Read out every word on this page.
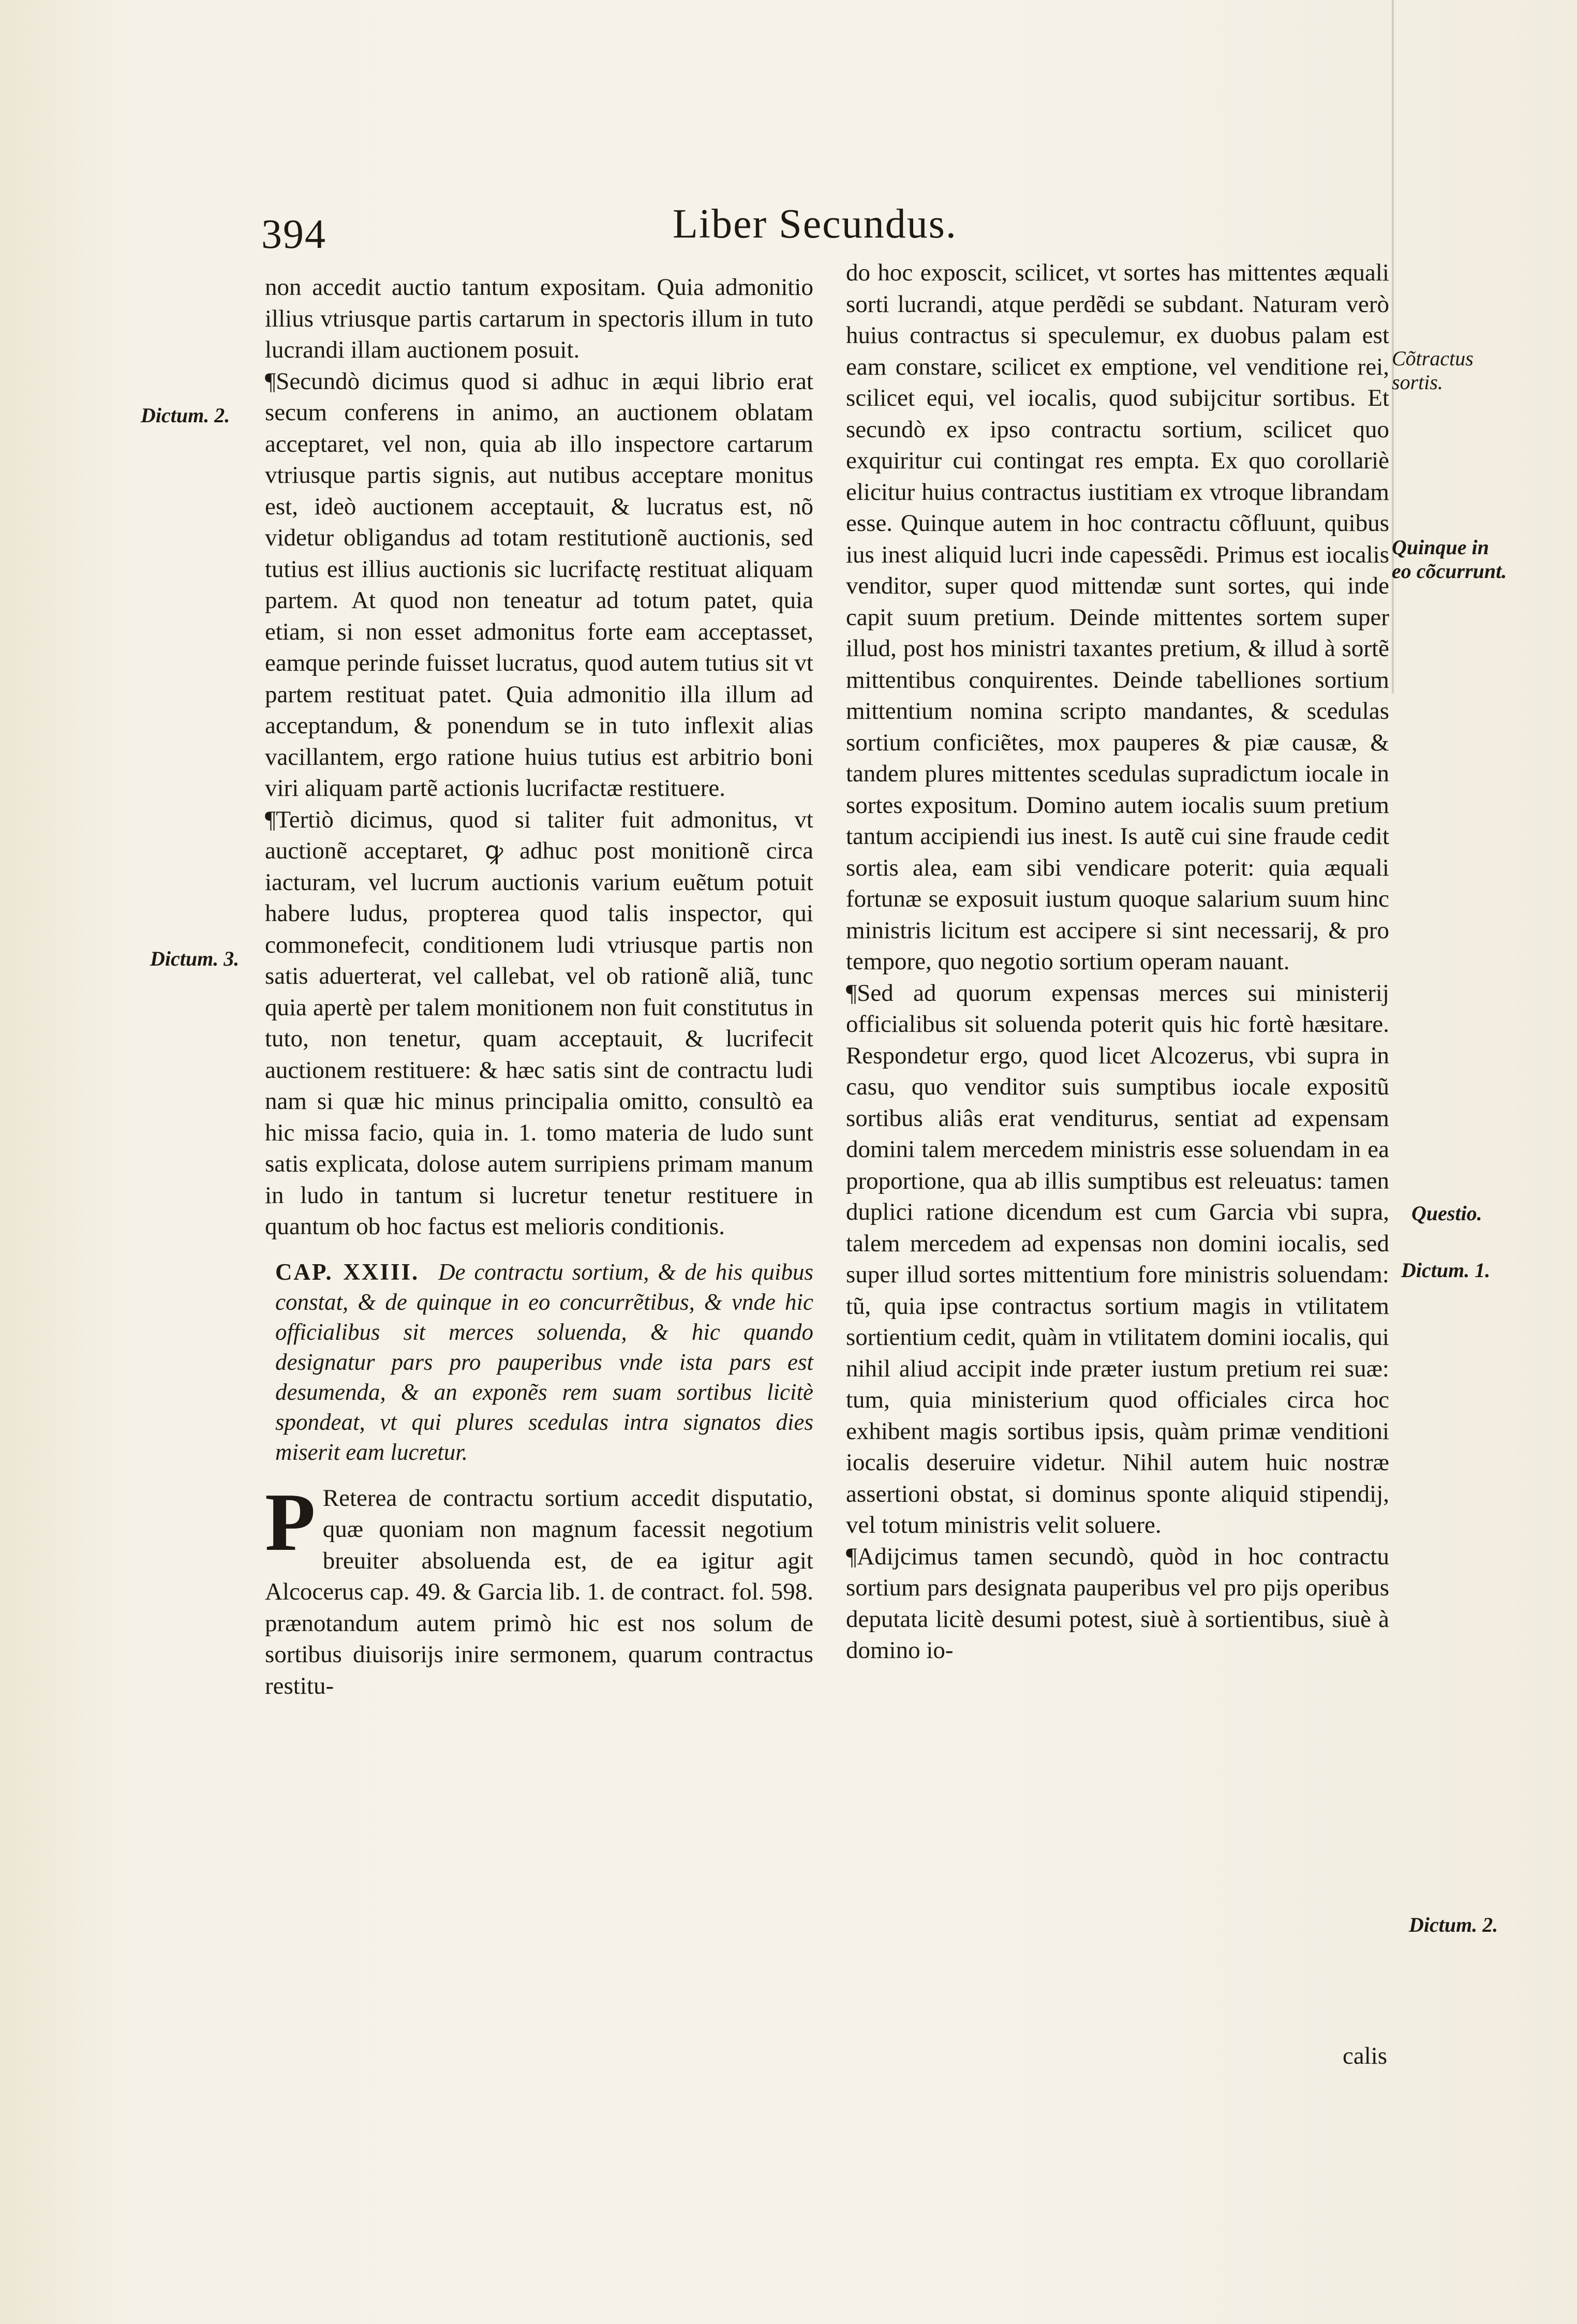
394	Liber Secundus.

non accedit auctio tantum expositam. Quia admonitio illius vtriusque partis cartarum in spectoris illum in tuto lucrandi illam auctionem posuit.

¶Secundò dicimus quod si adhuc in æqui librio erat secum conferens in animo, an auctionem oblatam acceptaret, vel non, quia ab illo inspectore cartarum vtriusque partis signis, aut nutibus acceptare monitus est, ideò auctionem acceptauit, & lucratus est, nõ videtur obligandus ad totam restitutionẽ auctionis, sed tutius est illius auctionis sic lucrifactę restituat aliquam partem. At quod non teneatur ad totum patet, quia etiam, si non esset admonitus forte eam acceptasset, eamque perinde fuisset lucratus, quod autem tutius sit vt partem restituat patet. Quia admonitio illa illum ad acceptandum, & ponendum se in tuto inflexit alias vacillantem, ergo ratione huius tutius est arbitrio boni viri aliquam partẽ actionis lucrifactæ restituere.

¶Tertiò dicimus, quod si taliter fuit admonitus, vt auctionẽ acceptaret, ꝙ adhuc post monitionẽ circa iacturam, vel lucrum auctionis varium euẽtum potuit habere ludus, propterea quod talis inspector, qui commonefecit, conditionem ludi vtriusque partis non satis aduerterat, vel callebat, vel ob rationẽ aliã, tunc quia apertè per talem monitionem non fuit constitutus in tuto, non tenetur, quam acceptauit, & lucrifecit auctionem restituere: & hæc satis sint de contractu ludi nam si quæ hic minus principalia omitto, consultò ea hic missa facio, quia in. 1. tomo materia de ludo sunt satis explicata, dolose autem surripiens primam manum in ludo in tantum si lucretur tenetur restituere in quantum ob hoc factus est melioris conditionis.

CAP. XXIII. De contractu sortium, & de his quibus constat, & de quinque in eo concurrẽtibus, & vnde hic officialibus sit merces soluenda, & hic quando designatur pars pro pauperibus vnde ista pars est desumenda, & an exponẽs rem suam sortibus licitè spondeat, vt qui plures scedulas intra signatos dies miserit eam lucretur.

P Reterea de contractu sortium accedit disputatio, quæ quoniam non magnum facessit negotium breuiter absoluenda est, de ea igitur agit Alcocerus cap. 49. & Garcia lib. 1. de contract. fol. 598. prænotandum autem primò hic est nos solum de sortibus diuisorijs inire sermonem, quarum contractus restitu-

do hoc exposcit, scilicet, vt sortes has mittentes æquali sorti lucrandi, atque perdẽdi se subdant. Naturam verò huius contractus si speculemur, ex duobus palam est eam constare, scilicet ex emptione, vel venditione rei, scilicet equi, vel iocalis, quod subijcitur sortibus. Et secundò ex ipso contractu sortium, scilicet quo exquiritur cui contingat res empta. Ex quo corollariè elicitur huius contractus iustitiam ex vtroque librandam esse. Quinque autem in hoc contractu cõfluunt, quibus ius inest aliquid lucri inde capessẽdi. Primus est iocalis venditor, super quod mittendæ sunt sortes, qui inde capit suum pretium. Deinde mittentes sortem super illud, post hos ministri taxantes pretium, & illud à sortẽ mittentibus conquirentes. Deinde tabelliones sortium mittentium nomina scripto mandantes, & scedulas sortium conficiẽtes, mox pauperes & piæ causæ, & tandem plures mittentes scedulas supradictum iocale in sortes expositum. Domino autem iocalis suum pretium tantum accipiendi ius inest. Is autẽ cui sine fraude cedit sortis alea, eam sibi vendicare poterit: quia æquali fortunæ se exposuit iustum quoque salarium suum hinc ministris licitum est accipere si sint necessarij, & pro tempore, quo negotio sortium operam nauant.

¶Sed ad quorum expensas merces sui ministerij officialibus sit soluenda poterit quis hic fortè hæsitare. Respondetur ergo, quod licet Alcozerus, vbi supra in casu, quo venditor suis sumptibus iocale expositũ sortibus aliâs erat venditurus, sentiat ad expensam domini talem mercedem ministris esse soluendam in ea proportione, qua ab illis sumptibus est releuatus: tamen duplici ratione dicendum est cum Garcia vbi supra, talem mercedem ad expensas non domini iocalis, sed super illud sortes mittentium fore ministris soluendam: tũ, quia ipse contractus sortium magis in vtilitatem sortientium cedit, quàm in vtilitatem domini iocalis, qui nihil aliud accipit inde præter iustum pretium rei suæ: tum, quia ministerium quod officiales circa hoc exhibent magis sortibus ipsis, quàm primæ venditioni iocalis deseruire videtur. Nihil autem huic nostræ assertioni obstat, si dominus sponte aliquid stipendij, vel totum ministris velit soluere.

¶Adijcimus tamen secundò, quòd in hoc contractu sortium pars designata pauperibus vel pro pijs operibus deputata licitè desumi potest, siuè à sortientibus, siuè à domino io-

calis
Dictum. 2.
Dictum. 3.
Cõtractus sortis.
Quinque in eo cõcurrunt.
Questio.
Dictum. 1.
Dictum. 2.
